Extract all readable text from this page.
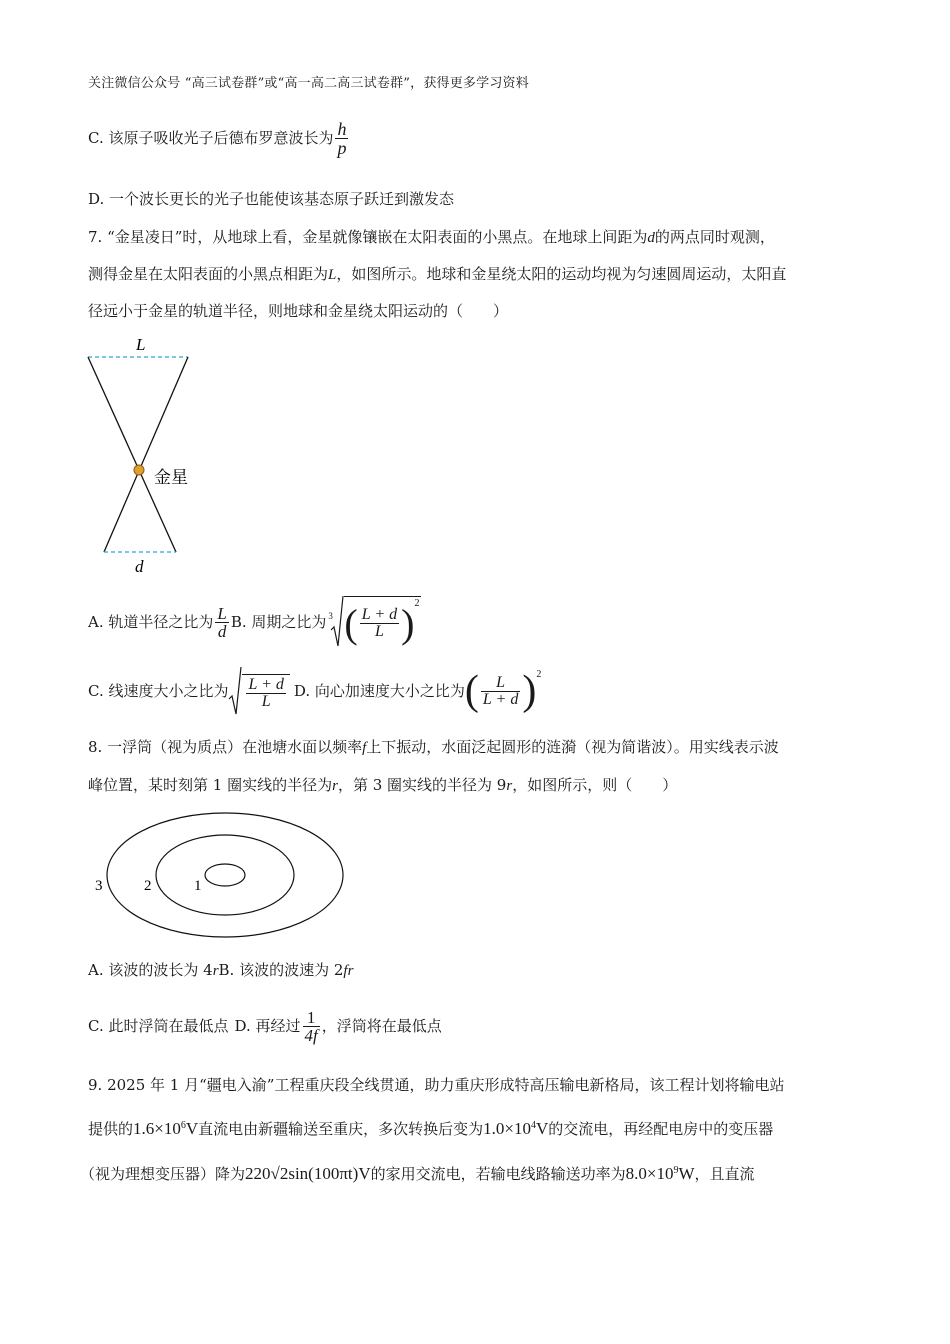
关注微信公众号 “高三试卷群”或“高一高二高三试卷群”，获得更多学习资料
C. 该原子吸收光子后德布罗意波长为 $\frac{h}{p}$
D. 一个波长更长的光子也能使该基态原子跃迁到激发态
7. “金星凌日”时，从地球上看，金星就像镶嵌在太阳表面的小黑点。在地球上间距为d的两点同时观测，
测得金星在太阳表面的小黑点相距为L，如图所示。地球和金星绕太阳的运动均视为匀速圆周运动，太阳直
径远小于金星的轨道半径，则地球和金星绕太阳运动的（　　）
L
金星
d
A. 轨道半径之比为 $\frac{L}{d} B$. 周期之比为 3 ( $\frac{L + d}{L}$ ) 2
C. 线速度大小之比为 $\frac{L + d}{L} D$. 向心加速度大小之比为 ( $\frac{L}{L + d}$ ) 2
8. 一浮筒（视为质点）在池塘水面以频率f上下振动，水面泛起圆形的涟漪（视为简谐波）。用实线表示波
峰位置，某时刻第 1 圈实线的半径为r，第 3 圈实线的半径为 9r，如图所示，则（　　）
1
2
3
A. 该波的波长为 4rB. 该波的波速为 2fr
C. 此时浮筒在最低点 D. 再经过 $\frac{1}{4f}$ ，浮筒将在最低点
9. 2025 年 1 月“疆电入渝”工程重庆段全线贯通，助力重庆形成特高压输电新格局，该工程计划将输电站
提供的$1.6\times 10^6V$直流电由新疆输送至重庆，多次转换后变为$1.0\times 10^4V$的交流电，再经配电房中的变压器
（视为理想变压器）降为220√2sin(100πt)V的家用交流电，若输电线路输送功率为$8.0\times 10^9W$，且直流
